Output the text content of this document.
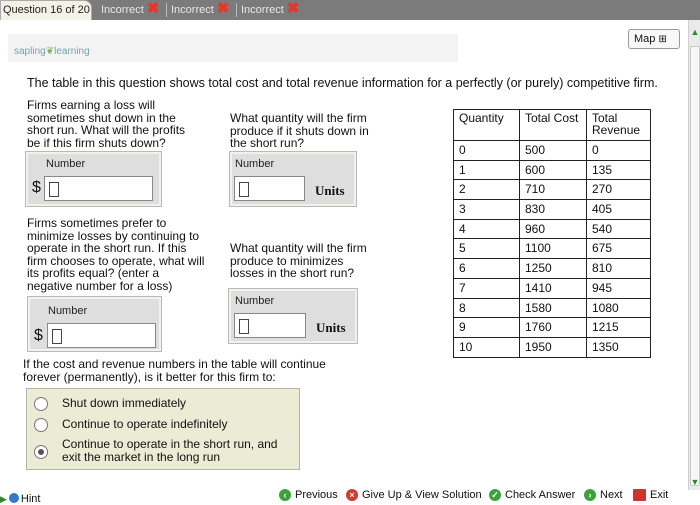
Question 16 of 20 Incorrect ✖ Incorrect ✖ Incorrect ✖
▲
▼
sapling❦learning
Map ⊞
The table in this question shows total cost and total revenue information for a perfectly (or purely) competitive firm.
Firms earning a loss will
sometimes shut down in the
short run. What will the profits
be if this firm shuts down?
Number
$
What quantity will the firm
produce if it shuts down in
the short run?
Number
Units
Firms sometimes prefer to
minimize losses by continuing to
operate in the short run. If this
firm chooses to operate, what will
its profits equal? (enter a
negative number for a loss)
Number
$
What quantity will the firm
produce to minimizes
losses in the short run?
Number
Units
Quantity	Total Cost	Total Revenue

0	500	0
1	600	135
2	710	270
3	830	405
4	960	540
5	1100	675
6	1250	810
7	1410	945
8	1580	1080
9	1760	1215
10	1950	1350
If the cost and revenue numbers in the table will continue
forever (permanently), is it better for this firm to:
Shut down immediately
Continue to operate indefinitely
Continue to operate in the short run, and
exit the market in the long run
▶ Hint	‹ Previous	× Give Up & View Solution ✓ Check Answer	› Next Exit
